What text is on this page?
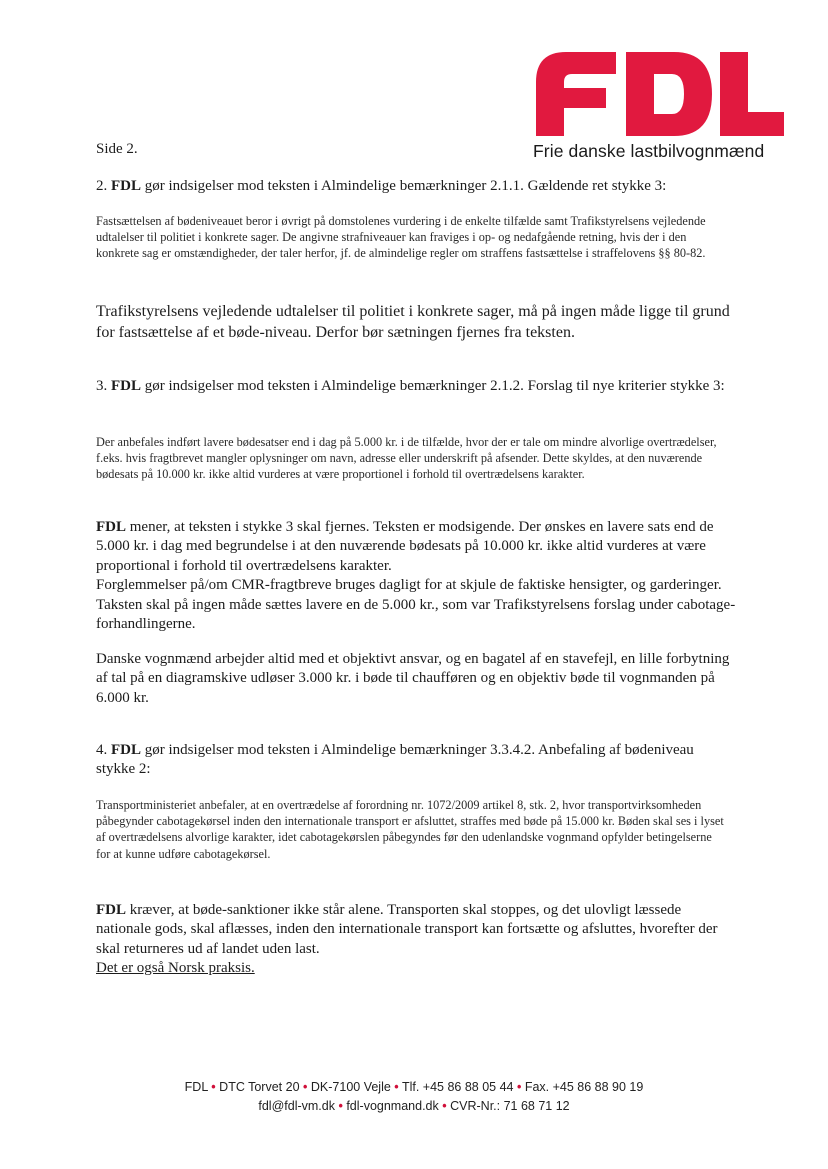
Frie danske lastbilvognmænd
Side 2.
2. FDL gør indsigelser mod teksten i Almindelige bemærkninger 2.1.1. Gældende ret stykke 3:
Fastsættelsen af bødeniveauet beror i øvrigt på domstolenes vurdering i de enkelte tilfælde samt Trafikstyrelsens vejledende udtalelser til politiet i konkrete sager. De angivne strafniveauer kan fraviges i op- og nedafgående retning, hvis der i den konkrete sag er omstændigheder, der taler herfor, jf. de almindelige regler om straffens fastsættelse i straffelovens §§ 80-82.
Trafikstyrelsens vejledende udtalelser til politiet i konkrete sager, må på ingen måde ligge til grund for fastsættelse af et bøde-niveau. Derfor bør sætningen fjernes fra teksten.
3. FDL gør indsigelser mod teksten i Almindelige bemærkninger 2.1.2. Forslag til nye kriterier stykke 3:
Der anbefales indført lavere bødesatser end i dag på 5.000 kr. i de tilfælde, hvor der er tale om mindre alvorlige overtrædelser, f.eks. hvis fragtbrevet mangler oplysninger om navn, adresse eller underskrift på afsender. Dette skyldes, at den nuværende bødesats på 10.000 kr. ikke altid vurderes at være proportionel i forhold til overtrædelsens karakter.

FDL mener, at teksten i stykke 3 skal fjernes. Teksten er modsigende. Der ønskes en lavere sats end de 5.000 kr. i dag med begrundelse i at den nuværende bødesats på 10.000 kr. ikke altid vurderes at være proportional i forhold til overtrædelsens karakter.

Forglemmelser på/om CMR-fragtbreve bruges dagligt for at skjule de faktiske hensigter, og garderinger. Taksten skal på ingen måde sættes lavere en de 5.000 kr., som var Trafikstyrelsens forslag under cabotage-forhandlingerne.

Danske vognmænd arbejder altid med et objektivt ansvar, og en bagatel af en stavefejl, en lille forbytning af tal på en diagramskive udløser 3.000 kr. i bøde til chaufføren og en objektiv bøde til vognmanden på 6.000 kr.
4. FDL gør indsigelser mod teksten i Almindelige bemærkninger 3.3.4.2. Anbefaling af bødeniveau stykke 2:
Transportministeriet anbefaler, at en overtrædelse af forordning nr. 1072/2009 artikel 8, stk. 2, hvor transportvirksomheden påbegynder cabotagekørsel inden den internationale transport er afsluttet, straffes med bøde på 15.000 kr. Bøden skal ses i lyset af overtrædelsens alvorlige karakter, idet cabotagekørslen påbegyndes før den udenlandske vognmand opfylder betingelserne for at kunne udføre cabotagekørsel.

FDL kræver, at bøde-sanktioner ikke står alene. Transporten skal stoppes, og det ulovligt læssede nationale gods, skal aflæsses, inden den internationale transport kan fortsætte og afsluttes, hvorefter der skal returneres ud af landet uden last.

Det er også Norsk praksis.

FDL • DTC Torvet 20 • DK-7100 Vejle • Tlf. +45 86 88 05 44 • Fax. +45 86 88 90 19
fdl@fdl-vm.dk • fdl-vognmand.dk • CVR-Nr.: 71 68 71 12
